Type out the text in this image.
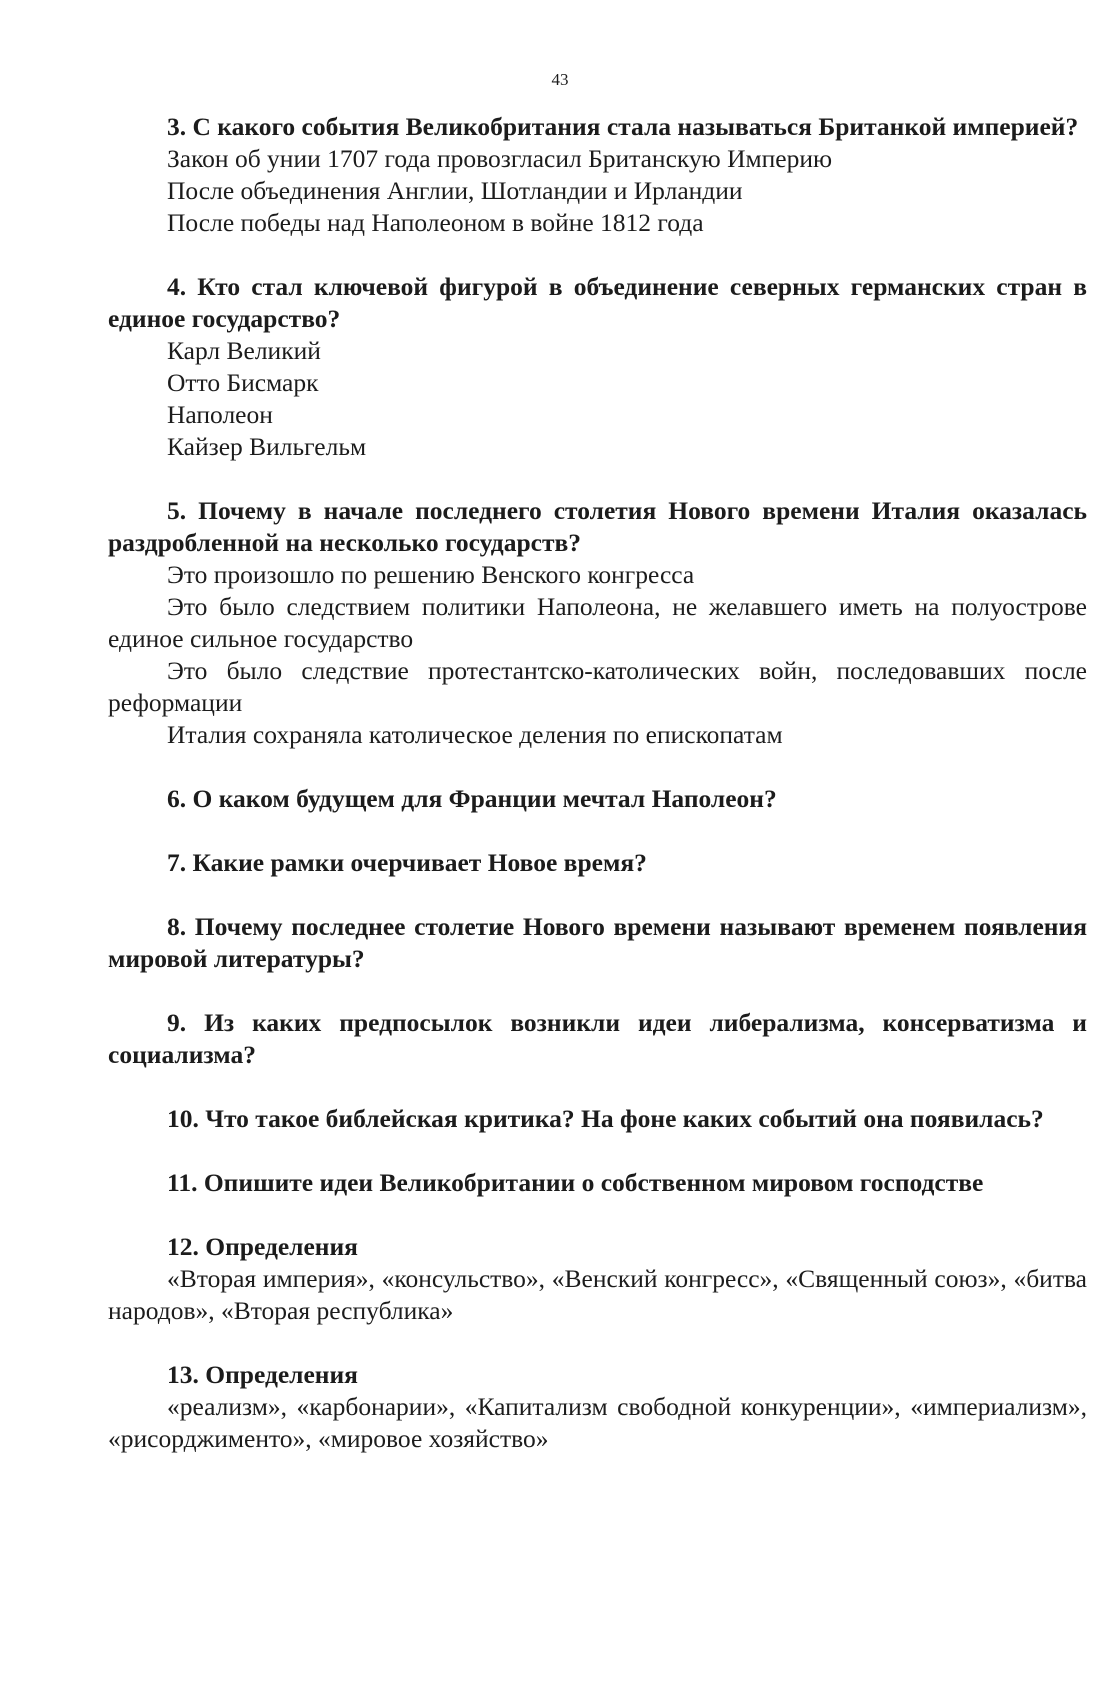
43

3. С какого события Великобритания стала называться Британкой империей?

Закон об унии 1707 года провозгласил Британскую Империю

После объединения Англии, Шотландии и Ирландии

После победы над Наполеоном в войне 1812 года

4. Кто стал ключевой фигурой в объединение северных германских стран в единое государство?

Карл Великий

Отто Бисмарк

Наполеон

Кайзер Вильгельм

5. Почему в начале последнего столетия Нового времени Италия оказалась раздробленной на несколько государств?

Это произошло по решению Венского конгресса

Это было следствием политики Наполеона, не желавшего иметь на полуострове единое сильное государство

Это было следствие протестантско-католических войн, последовавших после реформации

Италия сохраняла католическое деления по епископатам

6. О каком будущем для Франции мечтал Наполеон?

7. Какие рамки очерчивает Новое время?

8. Почему последнее столетие Нового времени называют временем появления мировой литературы?

9. Из каких предпосылок возникли идеи либерализма, консерватизма и социализма?

10. Что такое библейская критика? На фоне каких событий она появилась?

11. Опишите идеи Великобритании о собственном мировом господстве

12. Определения

«Вторая империя», «консульство», «Венский конгресс», «Священный союз», «битва народов», «Вторая республика»

13. Определения

«реализм», «карбонарии», «Капитализм свободной конкуренции», «империализм», «рисорджименто», «мировое хозяйство»
